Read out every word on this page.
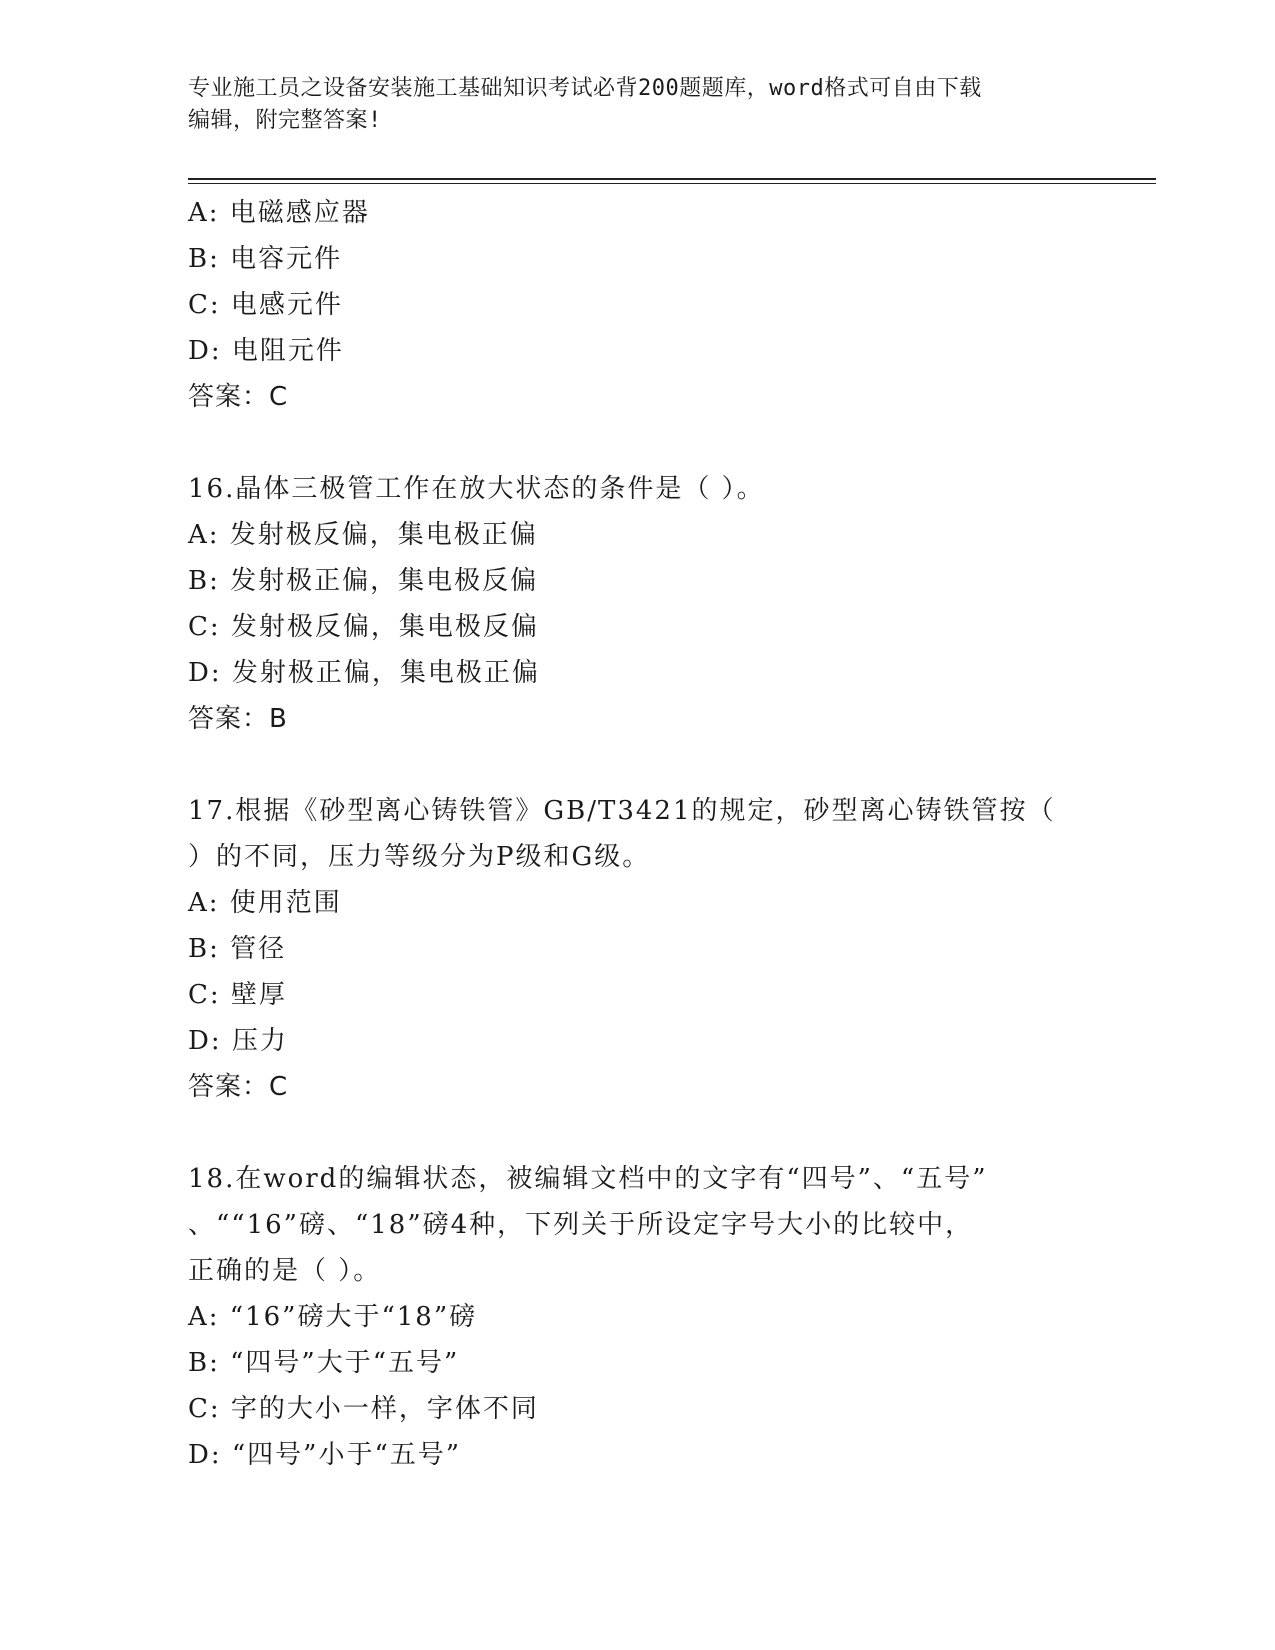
专业施工员之设备安装施工基础知识考试必背200题题库，word格式可自由下载
编辑，附完整答案!
A: 电磁感应器
B: 电容元件
C: 电感元件
D: 电阻元件
答案：C
16.晶体三极管工作在放大状态的条件是（ ）。
A: 发射极反偏，集电极正偏
B: 发射极正偏，集电极反偏
C: 发射极反偏，集电极反偏
D: 发射极正偏，集电极正偏
答案：B
17.根据《砂型离心铸铁管》GB/T3421的规定，砂型离心铸铁管按（
）的不同，压力等级分为P级和G级。
A: 使用范围
B: 管径
C: 壁厚
D: 压力
答案：C
18.在word的编辑状态，被编辑文档中的文字有“四号”、“五号”
、““16”磅、“18”磅4种，下列关于所设定字号大小的比较中，
正确的是（ ）。
A: “16”磅大于“18”磅
B: “四号”大于“五号”
C: 字的大小一样，字体不同
D: “四号”小于“五号”
